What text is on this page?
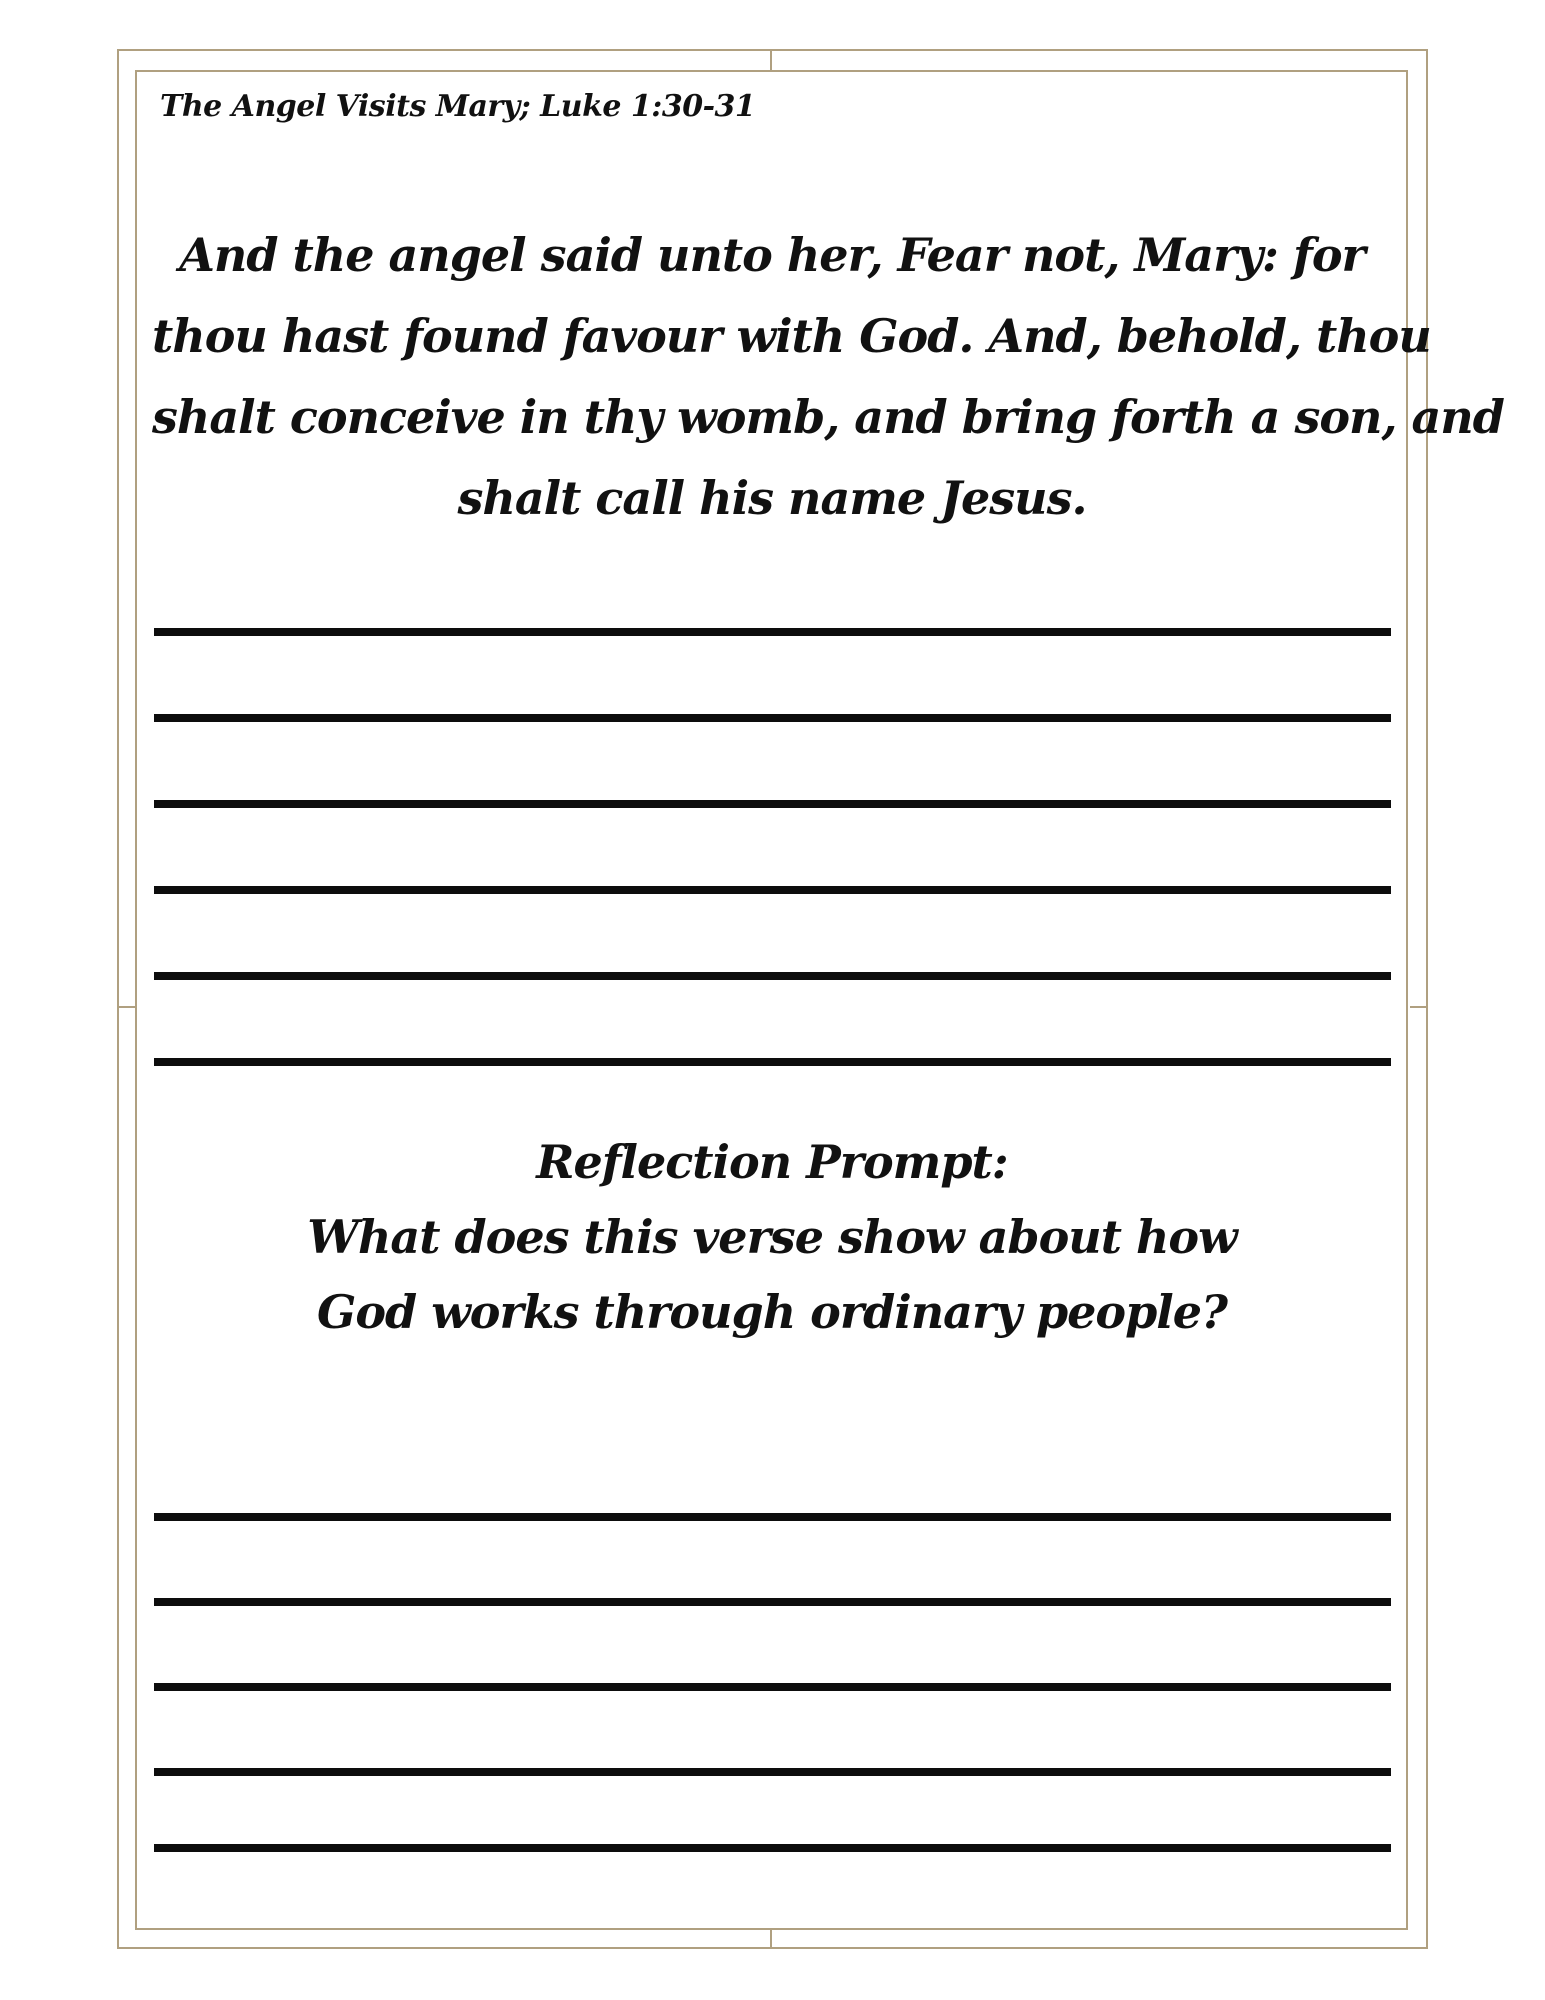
The Angel Visits Mary; Luke 1:30-31
And the angel said unto her, Fear not, Mary: for
thou hast found favour with God. And, behold, thou
shalt conceive in thy womb, and bring forth a son, and
shalt call his name Jesus.
Reflection Prompt:
What does this verse show about how
God works through ordinary people?
